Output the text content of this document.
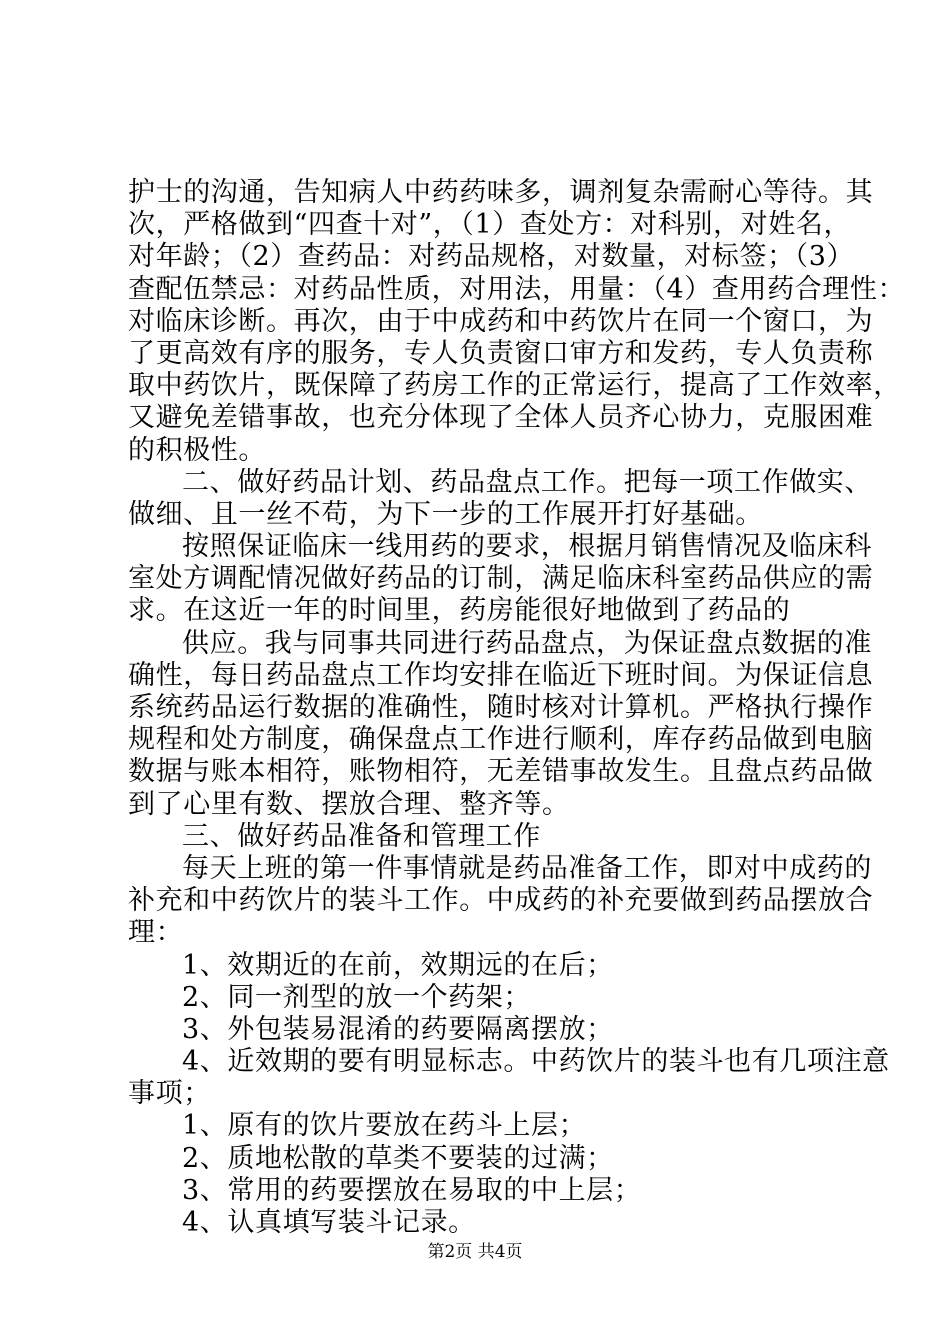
护士的沟通，告知病人中药药味多，调剂复杂需耐心等待。其
次，严格做到“四查十对”，（1）查处方：对科别，对姓名，
对年龄；（2）查药品：对药品规格，对数量，对标签；（3）
查配伍禁忌：对药品性质，对用法，用量：（4）查用药合理性：
对临床诊断。再次，由于中成药和中药饮片在同一个窗口，为
了更高效有序的服务，专人负责窗口审方和发药，专人负责称
取中药饮片，既保障了药房工作的正常运行，提高了工作效率，
又避免差错事故，也充分体现了全体人员齐心协力，克服困难
的积极性。
二、做好药品计划、药品盘点工作。把每一项工作做实、
做细、且一丝不苟，为下一步的工作展开打好基础。
按照保证临床一线用药的要求，根据月销售情况及临床科
室处方调配情况做好药品的订制，满足临床科室药品供应的需
求。在这近一年的时间里，药房能很好地做到了药品的
供应。我与同事共同进行药品盘点，为保证盘点数据的准
确性，每日药品盘点工作均安排在临近下班时间。为保证信息
系统药品运行数据的准确性，随时核对计算机。严格执行操作
规程和处方制度，确保盘点工作进行顺利，库存药品做到电脑
数据与账本相符，账物相符，无差错事故发生。且盘点药品做
到了心里有数、摆放合理、整齐等。
三、做好药品准备和管理工作
每天上班的第一件事情就是药品准备工作，即对中成药的
补充和中药饮片的装斗工作。中成药的补充要做到药品摆放合
理：
1、效期近的在前，效期远的在后；
2、同一剂型的放一个药架；
3、外包装易混淆的药要隔离摆放；
4、近效期的要有明显标志。中药饮片的装斗也有几项注意
事项；
1、原有的饮片要放在药斗上层；
2、质地松散的草类不要装的过满；
3、常用的药要摆放在易取的中上层；
4、认真填写装斗记录。
第2页 共4页
